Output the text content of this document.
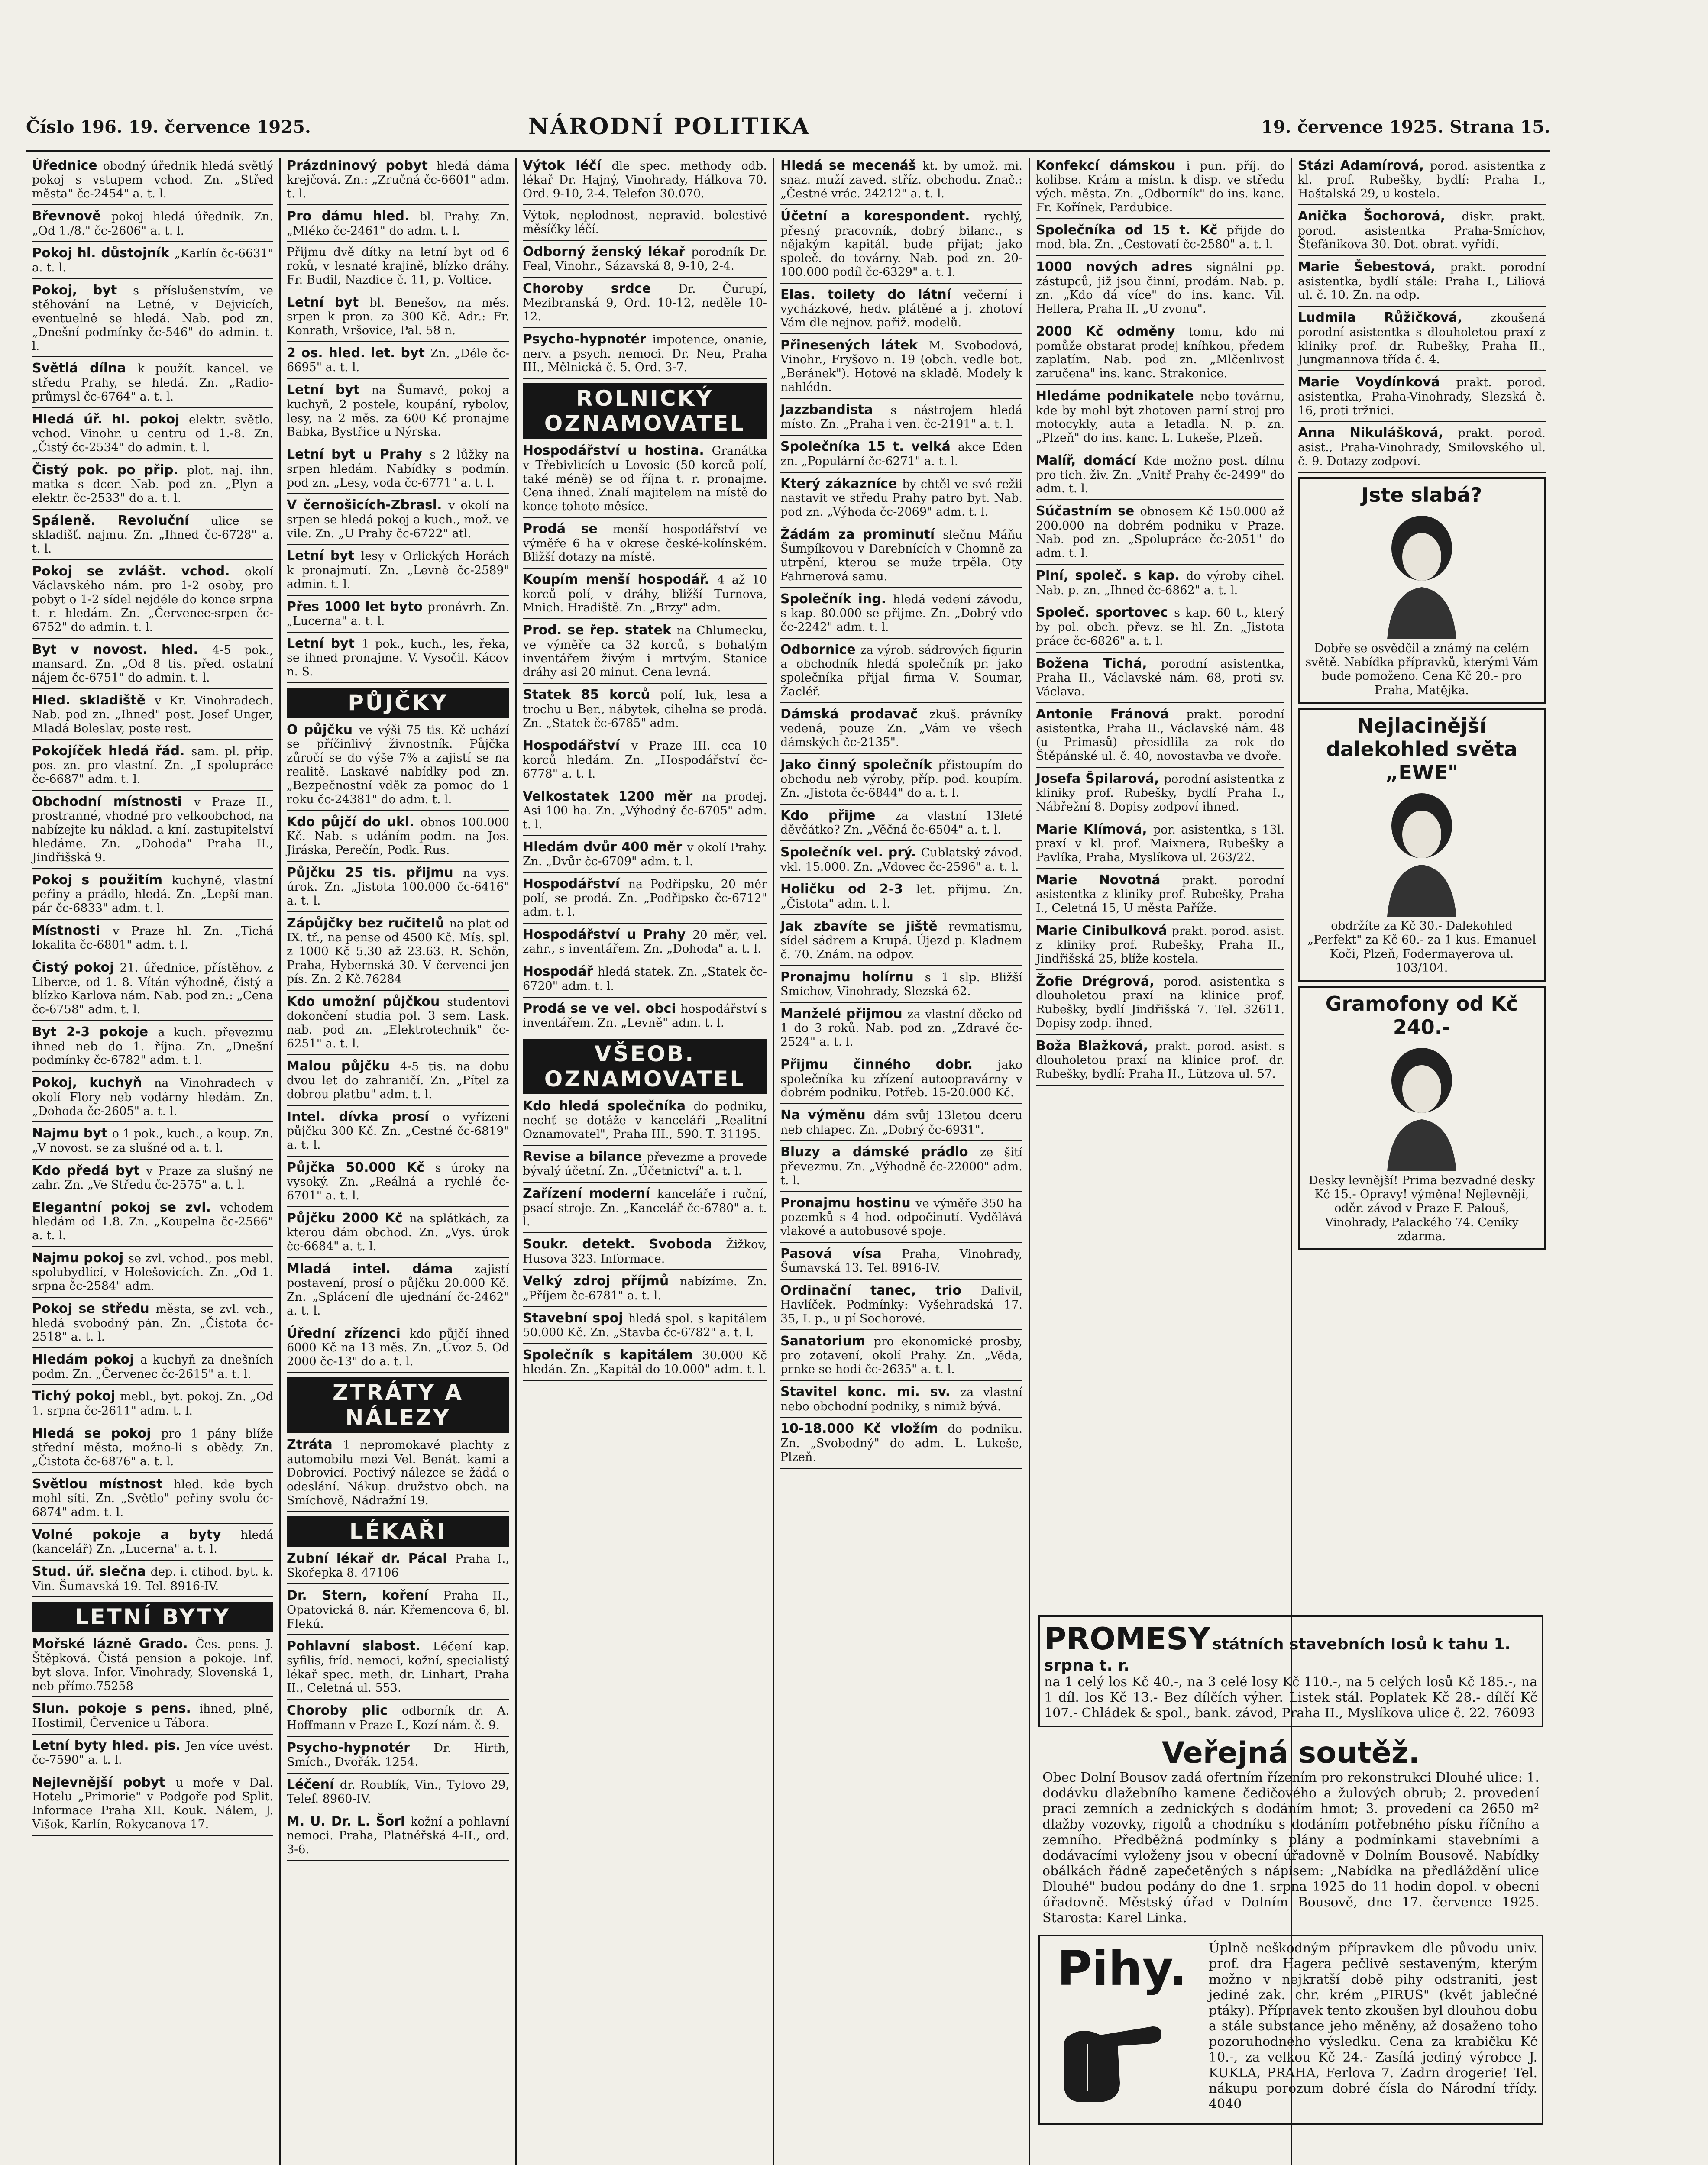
Číslo 196. 19. července 1925.	NÁRODNÍ POLITIKA	19. července 1925. Strana 15.
Úřednice obodný úřednik hledá světlý pokoj s vstupem vchod. Zn. „Střed města" čc-2454" a. t. l.
Břevnově pokoj hledá úředník. Zn. „Od 1./8." čc-2606" a. t. l.
Pokoj hl. důstojník „Karlín čc-6631" a. t. l.
Pokoj, byt s příslušenstvím, ve stěhování na Letné, v Dejvicích, eventuelně se hledá. Nab. pod zn. „Dnešní podmínky čc-546" do admin. t. l.
Světlá dílna k použít. kancel. ve středu Prahy, se hledá. Zn. „Radio-průmysl čc-6764" a. t. l.
Hledá úř. hl. pokoj elektr. světlo. vchod. Vinohr. u centru od 1.-8. Zn. „Čistý čc-2534" do admin. t. l.
Čistý pok. po přip. plot. naj. ihn. matka s dcer. Nab. pod zn. „Plyn a elektr. čc-2533" do a. t. l.
Spáleně. Revoluční ulice se skladišť. najmu. Zn. „Ihned čc-6728" a. t. l.
Pokoj se zvlášt. vchod. okolí Václavského nám. pro 1-2 osoby, pro pobyt o 1-2 sídel nejdéle do konce srpna t. r. hledám. Zn. „Červenec-srpen čc-6752" do admin. t. l.
Byt v novost. hled. 4-5 pok., mansard. Zn. „Od 8 tis. před. ostatní nájem čc-6751" do admin. t. l.
Hled. skladiště v Kr. Vinohradech. Nab. pod zn. „Ihned" post. Josef Unger, Mladá Boleslav, poste rest.
Pokojíček hledá řád. sam. pl. přip. pos. zn. pro vlastní. Zn. „I spolupráce čc-6687" adm. t. l.
Obchodní místnosti v Praze II., prostranné, vhodné pro velkoobchod, na nabízejte ku náklad. a kní. zastupitelství hledáme. Zn. „Dohoda" Praha II., Jindřišská 9.
Pokoj s použitím kuchyně, vlastní peřiny a prádlo, hledá. Zn. „Lepší man. pár čc-6833" adm. t. l.
Místnosti v Praze hl. Zn. „Tichá lokalita čc-6801" adm. t. l.
Čistý pokoj 21. úřednice, přístěhov. z Liberce, od 1. 8. Vítán výhodně, čistý a blízko Karlova nám. Nab. pod zn.: „Cena čc-6758" adm. t. l.
Byt 2-3 pokoje a kuch. převezmu ihned neb do 1. října. Zn. „Dnešní podmínky čc-6782" adm. t. l.
Pokoj, kuchyň na Vinohradech v okolí Flory neb vodárny hledám. Zn. „Dohoda čc-2605" a. t. l.
Najmu byt o 1 pok., kuch., a koup. Zn. „V novost. se za slušné od a. t. l.
Kdo předá byt v Praze za slušný ne zahr. Zn. „Ve Středu čc-2575" a. t. l.
Elegantní pokoj se zvl. vchodem hledám od 1.8. Zn. „Koupelna čc-2566" a. t. l.
Najmu pokoj se zvl. vchod., pos mebl. spolubydlící, v Holešovicích. Zn. „Od 1. srpna čc-2584" adm.
Pokoj se středu města, se zvl. vch., hledá svobodný pán. Zn. „Čistota čc-2518" a. t. l.
Hledám pokoj a kuchyň za dnešních podm. Zn. „Červenec čc-2615" a. t. l.
Tichý pokoj mebl., byt. pokoj. Zn. „Od 1. srpna čc-2611" adm. t. l.
Hledá se pokoj pro 1 pány blíže střední města, možno-li s obědy. Zn. „Čistota čc-6876" a. t. l.
Světlou místnost hled. kde bych mohl síti. Zn. „Světlo" peřiny svolu čc-6874" adm. t. l.
Volné pokoje a byty hledá (kancelář) Zn. „Lucerna" a. t. l.
Stud. úř. slečna dep. i. ctihod. byt. k. Vin. Šumavská 19. Tel. 8916-IV.
LETNÍ BYTY
Mořské lázně Grado. Čes. pens. J. Štěpková. Čistá pension a pokoje. Inf. byt slova. Infor. Vinohrady, Slovenská 1, neb přímo.75258
Slun. pokoje s pens. ihned, plně, Hostimil, Červenice u Tábora.
Letní byty hled. pis. Jen více uvést. čc-7590" a. t. l.
Nejlevnější pobyt u moře v Dal. Hotelu „Primorie" v Podgoře pod Split. Informace Praha XII. Kouk. Nálem, J. Višok, Karlín, Rokycanova 17.
Prázdninový pobyt hledá dáma krejčová. Zn.: „Zručná čc-6601" adm. t. l.
Pro dámu hled. bl. Prahy. Zn. „Mléko čc-2461" do adm. t. l.
Přijmu dvě dítky na letní byt od 6 roků, v lesnaté krajině, blízko dráhy. Fr. Budil, Nazdice č. 11, p. Voltice.
Letní byt bl. Benešov, na měs. srpen k pron. za 300 Kč. Adr.: Fr. Konrath, Vršovice, Pal. 58 n.
2 os. hled. let. byt Zn. „Déle čc-6695" a. t. l.
Letní byt na Šumavě, pokoj a kuchyň, 2 postele, koupání, rybolov, lesy, na 2 měs. za 600 Kč pronajme Babka, Bystřice u Nýrska.
Letní byt u Prahy s 2 lůžky na srpen hledám. Nabídky s podmín. pod zn. „Lesy, voda čc-6771" a. t. l.
V černošicích-Zbrasl. v okolí na srpen se hledá pokoj a kuch., mož. ve vile. Zn. „U Prahy čc-6722" atl.
Letní byt lesy v Orlických Horách k pronajmutí. Zn. „Levně čc-2589" admin. t. l.
Přes 1000 let byto pronávrh. Zn. „Lucerna" a. t. l.
Letní byt 1 pok., kuch., les, řeka, se ihned pronajme. V. Vysočil. Kácov n. S.
PŮJČKY
O půjčku ve výši 75 tis. Kč uchází se příčinlivý živnostník. Půjčka zůročí se do výše 7% a zajistí se na realitě. Laskavé nabídky pod zn. „Bezpečnostní vděk za pomoc do 1 roku čc-24381" do adm. t. l.
Kdo půjčí do ukl. obnos 100.000 Kč. Nab. s udáním podm. na Jos. Jiráska, Perečín, Podk. Rus.
Půjčku 25 tis. přijmu na vys. úrok. Zn. „Jistota 100.000 čc-6416" a. t. l.
Zápůjčky bez ručitelů na plat od IX. tř., na pense od 4500 Kč. Mís. spl. z 1000 Kč 5.30 až 23.63. R. Schön, Praha, Hybernská 30. V červenci jen pís. Zn. 2 Kč.76284
Kdo umožní půjčkou studentovi dokončení studia pol. 3 sem. Lask. nab. pod zn. „Elektrotechnik" čc-6251" a. t. l.
Malou půjčku 4-5 tis. na dobu dvou let do zahraničí. Zn. „Pítel za dobrou platbu" adm. t. l.
Intel. dívka prosí o vyřízení půjčku 300 Kč. Zn. „Cestné čc-6819" a. t. l.
Půjčka 50.000 Kč s úroky na vysoký. Zn. „Reálná a rychlé čc-6701" a. t. l.
Půjčku 2000 Kč na splátkách, za kterou dám obchod. Zn. „Vys. úrok čc-6684" a. t. l.
Mladá intel. dáma zajistí postavení, prosí o půjčku 20.000 Kč. Zn. „Splácení dle ujednání čc-2462" a. t. l.
Úřední zřízenci kdo půjčí ihned 6000 Kč na 13 měs. Zn. „Úvoz 5. Od 2000 čc-13" do a. t. l.
ZTRÁTY A NÁLEZY
Ztráta 1 nepromokavé plachty z automobilu mezi Vel. Benát. kami a Dobrovicí. Poctivý nálezce se žádá o odeslání. Nákup. družstvo obch. na Smíchově, Nádražní 19.
LÉKAŘI
Zubní lékař dr. Pácal Praha I., Skořepka 8. 47106
Dr. Stern, koření Praha II., Opatovická 8. nár. Křemencova 6, bl. Flekú.
Pohlavní slabost. Léčení kap. syfilis, fríd. nemoci, kožní, specialistý lékař spec. meth. dr. Linhart, Praha II., Celetná ul. 553.
Choroby plic odborník dr. A. Hoffmann v Praze I., Kozí nám. č. 9.
Psycho-hypnotér Dr. Hirth, Smích., Dvořák. 1254.
Léčení dr. Roublík, Vin., Tylovo 29, Telef. 8960-IV.
M. U. Dr. L. Šorl kožní a pohlavní nemoci. Praha, Platnéřská 4-II., ord. 3-6.
Výtok léčí dle spec. methody odb. lékař Dr. Hajný, Vinohrady, Hálkova 70. Ord. 9-10, 2-4. Telefon 30.070.
Výtok, neplodnost, nepravid. bolestivé měsíčky léčí.
Odborný ženský lékař porodník Dr. Feal, Vinohr., Sázavská 8, 9-10, 2-4.
Choroby srdce Dr. Čurupí, Mezibranská 9, Ord. 10-12, neděle 10-12.
Psycho-hypnotér impotence, onanie, nerv. a psych. nemoci. Dr. Neu, Praha III., Mělnická č. 5. Ord. 3-7.
ROLNICKÝ OZNAMOVATEL
Hospodářství u hostina. Granátka v Třebivlicích u Lovosic (50 korců polí, také méně) se od října t. r. pronajme. Cena ihned. Znalí majitelem na místě do konce tohoto měsíce.
Prodá se menší hospodářství ve výměře 6 ha v okrese české-kolínském. Bližší dotazy na místě.
Koupím menší hospodář. 4 až 10 korců polí, v dráhy, bližší Turnova, Mnich. Hradiště. Zn. „Brzy" adm.
Prod. se řep. statek na Chlumecku, ve výměře ca 32 korců, s bohatým inventářem živým i mrtvým. Stanice dráhy asi 20 minut. Cena levná.
Statek 85 korců polí, luk, lesa a trochu u Ber., nábytek, cihelna se prodá. Zn. „Statek čc-6785" adm.
Hospodářství v Praze III. cca 10 korců hledám. Zn. „Hospodářství čc-6778" a. t. l.
Velkostatek 1200 měr na prodej. Asi 100 ha. Zn. „Výhodný čc-6705" adm. t. l.
Hledám dvůr 400 měr v okolí Prahy. Zn. „Dvůr čc-6709" adm. t. l.
Hospodářství na Podřipsku, 20 měr polí, se prodá. Zn. „Podřipsko čc-6712" adm. t. l.
Hospodářství u Prahy 20 měr, vel. zahr., s inventářem. Zn. „Dohoda" a. t. l.
Hospodář hledá statek. Zn. „Statek čc-6720" adm. t. l.
Prodá se ve vel. obci hospodářství s inventářem. Zn. „Levně" adm. t. l.
VŠEOB. OZNAMOVATEL
Kdo hledá společníka do podniku, nechť se dotáže v kanceláři „Realitní Oznamovatel", Praha III., 590. T. 31195.
Revise a bilance převezme a provede bývalý účetní. Zn. „Účetnictví" a. t. l.
Zařízení moderní kanceláře i ruční, psací stroje. Zn. „Kancelář čc-6780" a. t. l.
Soukr. detekt. Svoboda Žižkov, Husova 323. Informace.
Velký zdroj příjmů nabízíme. Zn. „Příjem čc-6781" a. t. l.
Stavební spoj hledá spol. s kapitálem 50.000 Kč. Zn. „Stavba čc-6782" a. t. l.
Společník s kapitálem 30.000 Kč hledán. Zn. „Kapitál do 10.000" adm. t. l.
Hledá se mecenáš kt. by umož. mi. snaz. muží zaved. stříz. obchodu. Znač.: „Čestné vrác. 24212" a. t. l.
Účetní a korespondent. rychlý, přesný pracovník, dobrý bilanc., s nějakým kapitál. bude přijat; jako společ. do továrny. Nab. pod zn. 20-100.000 podíl čc-6329" a. t. l.
Elas. toilety do látní večerní i vycházkové, hedv. plátěné a j. zhotoví Vám dle nejnov. pařiž. modelů.
Přinesených látek M. Svobodová, Vinohr., Fryšovo n. 19 (obch. vedle bot. „Beránek"). Hotové na skladě. Modely k nahlédn.
Jazzbandista s nástrojem hledá místo. Zn. „Praha i ven. čc-2191" a. t. l.
Společníka 15 t. velká akce Eden zn. „Populární čc-6271" a. t. l.
Který zákazníce by chtěl ve své režii nastavit ve středu Prahy patro byt. Nab. pod zn. „Výhoda čc-2069" adm. t. l.
Žádám za prominutí slečnu Máňu Šumpíkovou v Darebnících v Chomně za utrpění, kterou se muže trpěla. Oty Fahrnerová samu.
Společník ing. hledá vedení závodu, s kap. 80.000 se přijme. Zn. „Dobrý vdo čc-2242" adm. t. l.
Odbornice za výrob. sádrových figurin a obchodník hledá společník pr. jako společníka přijal firma V. Soumar, Žacléř.
Dámská prodavač zkuš. právníky vedená, pouze Zn. „Vám ve všech dámských čc-2135".
Jako činný společník přistoupím do obchodu neb výroby, příp. pod. koupím. Zn. „Jistota čc-6844" do a. t. l.
Kdo přijme za vlastní 13leté děvčátko? Zn. „Věčná čc-6504" a. t. l.
Společník vel. prý. Cublatský závod. vkl. 15.000. Zn. „Vdovec čc-2596" a. t. l.
Holičku od 2-3 let. přijmu. Zn. „Čistota" adm. t. l.
Jak zbavíte se jiště revmatismu, sídel sádrem a Krupá. Újezd p. Kladnem č. 70. Znám. na odpov.
Pronajmu holírnu s 1 slp. Bližší Smíchov, Vinohrady, Slezská 62.
Manželé přijmou za vlastní děcko od 1 do 3 roků. Nab. pod zn. „Zdravé čc-2524" a. t. l.
Přijmu činného dobr. jako společníka ku zřízení autoopravárny v dobrém podniku. Potřeb. 15-20.000 Kč.
Na výměnu dám svůj 13letou dceru neb chlapec. Zn. „Dobrý čc-6931".
Bluzy a dámské prádlo ze šití převezmu. Zn. „Výhodně čc-22000" adm. t. l.
Pronajmu hostinu ve výměře 350 ha pozemků s 4 hod. odpočinutí. Vydělává vlakové a autobusové spoje.
Pasová vísa Praha, Vinohrady, Šumavská 13. Tel. 8916-IV.
Ordinační tanec, trio Dalivil, Havlíček. Podmínky: Vyšehradská 17. 35, I. p., u pí Sochorové.
Sanatorium pro ekonomické prosby, pro zotavení, okolí Prahy. Zn. „Věda, prnke se hodí čc-2635" a. t. l.
Stavitel konc. mi. sv. za vlastní nebo obchodní podniky, s nimiž bývá.
10-18.000 Kč vložím do podniku. Zn. „Svobodný" do adm. L. Lukeše, Plzeň.
Konfekcí dámskou i pun. příj. do kolibse. Krám a místn. k disp. ve středu vých. města. Zn. „Odborník" do ins. kanc. Fr. Kořínek, Pardubice.
Společníka od 15 t. Kč přijde do mod. bla. Zn. „Cestovatí čc-2580" a. t. l.
1000 nových adres signální pp. zástupců, již jsou činní, prodám. Nab. p. zn. „Kdo dá více" do ins. kanc. Vil. Hellera, Praha II. „U zvonu".
2000 Kč odměny tomu, kdo mi pomůže obstarat prodej kníhkou, předem zaplatím. Nab. pod zn. „Mlčenlivost zaručena" ins. kanc. Strakonice.
Hledáme podnikatele nebo továrnu, kde by mohl být zhotoven parní stroj pro motocykly, auta a letadla. N. p. zn. „Plzeň" do ins. kanc. L. Lukeše, Plzeň.
Malíř, domácí Kde možno post. dílnu pro tich. živ. Zn. „Vnitř Prahy čc-2499" do adm. t. l.
Súčastním se obnosem Kč 150.000 až 200.000 na dobrém podniku v Praze. Nab. pod zn. „Spolupráce čc-2051" do adm. t. l.
Plní, společ. s kap. do výroby cihel. Nab. p. zn. „Ihned čc-6862" a. t. l.
Společ. sportovec s kap. 60 t., který by pol. obch. převz. se hl. Zn. „Jistota práce čc-6826" a. t. l.
Božena Tichá, porodní asistentka, Praha II., Václavské nám. 68, proti sv. Václava.
Antonie Fránová prakt. porodní asistentka, Praha II., Václavské nám. 48 (u Primasů) přesídlila za rok do Štěpánské ul. č. 40, novostavba ve dvoře.
Josefa Špilarová, porodní asistentka z kliniky prof. Rubešky, bydlí Praha I., Nábřežní 8. Dopisy zodpoví ihned.
Marie Klímová, por. asistentka, s 13l. praxí v kl. prof. Maixnera, Rubešky a Pavlíka, Praha, Myslíkova ul. 263/22.
Marie Novotná prakt. porodní asistentka z kliniky prof. Rubešky, Praha I., Celetná 15, U města Paříže.
Marie Cinibulková prakt. porod. asist. z kliniky prof. Rubešky, Praha II., Jindřišská 25, blíže kostela.
Žofie Drégrová, porod. asistentka s dlouholetou praxí na klinice prof. Rubešky, bydlí Jindřišská 7. Tel. 32611. Dopisy zodp. ihned.
Boža Blažková, prakt. porod. asist. s dlouholetou praxí na klinice prof. dr. Rubešky, bydlí: Praha II., Lützova ul. 57.
Stázi Adamírová, porod. asistentka z kl. prof. Rubešky, bydlí: Praha I., Haštalská 29, u kostela.
Anička Šochorová, diskr. prakt. porod. asistentka Praha-Smíchov, Štefánikova 30. Dot. obrat. vyřídí.
Marie Šebestová, prakt. porodní asistentka, bydlí stále: Praha I., Liliová ul. č. 10. Zn. na odp.
Ludmila Růžičková, zkoušená porodní asistentka s dlouholetou praxí z kliniky prof. dr. Rubešky, Praha II., Jungmannova třída č. 4.
Marie Voydínková prakt. porod. asistentka, Praha-Vinohrady, Slezská č. 16, proti tržnici.
Anna Nikulášková, prakt. porod. asist., Praha-Vinohrady, Smilovského ul. č. 9. Dotazy zodpoví.
Jste slabá?
Dobře se osvědčil a známý na celém světě. Nabídka přípravků, kterými Vám bude pomoženo. Cena Kč 20.- pro Praha, Matějka.
Nejlacinější dalekohled světa „EWE"
obdržíte za Kč 30.- Dalekohled „Perfekt" za Kč 60.- za 1 kus. Emanuel Koči, Plzeň, Fodermayerova ul. 103/104.
Gramofony od Kč 240.-
Desky levnější! Prima bezvadné desky Kč 15.- Opravy! výměna! Nejlevněji, oděr. závod v Praze F. Palouš, Vinohrady, Palackého 74. Ceníky zdarma.
PROMESY státních stavebních losů k tahu 1. srpna t. r.
na 1 celý los Kč 40.-, na 3 celé losy Kč 110.-, na 5 celých losů Kč 185.-, na 1 díl. los Kč 13.- Bez dílčích výher. Listek stál. Poplatek Kč 28.- dílčí Kč 107.- Chládek & spol., bank. závod, Praha II., Myslíkova ulice č. 22. 76093
Veřejná soutěž.
Obec Dolní Bousov zadá ofertním řízením pro rekonstrukci Dlouhé ulice: 1. dodávku dlažebního kamene čedičového a žulových obrub; 2. provedení prací zemních a zednických s dodáním hmot; 3. provedení ca 2650 m² dlažby vozovky, rigolů a chodníku s dodáním potřebného písku říčního a zemního. Předběžná podmínky s plány a podmínkami stavebními a dodávacími vyloženy jsou v obecní úřadovně v Dolním Bousově. Nabídky obálkách řádně zapečetěných s nápisem: „Nabídka na předláždění ulice Dlouhé" budou podány do dne 1. srpna 1925 do 11 hodin dopol. v obecní úřadovně. Městský úřad v Dolním Bousově, dne 17. července 1925. Starosta: Karel Linka.
Pihy.	Úplně neškodným přípravkem dle původu univ. prof. dra Hagera pečlivě sestaveným, kterým možno v nejkratší době pihy odstraniti, jest jediné zak. chr. krém „PIRUS" (květ jablečné ptáky). Přípravek tento zkoušen byl dlouhou dobu a stále substance jeho měněny, až dosaženo toho pozoruhodného výsledku. Cena za krabičku Kč 10.-, za velkou Kč 24.- Zasílá jediný výrobce J. KUKLA, PRAHA, Ferlova 7. Zadrn drogerie! Tel. nákupu porozum dobré čísla do Národní třídy. 4040
